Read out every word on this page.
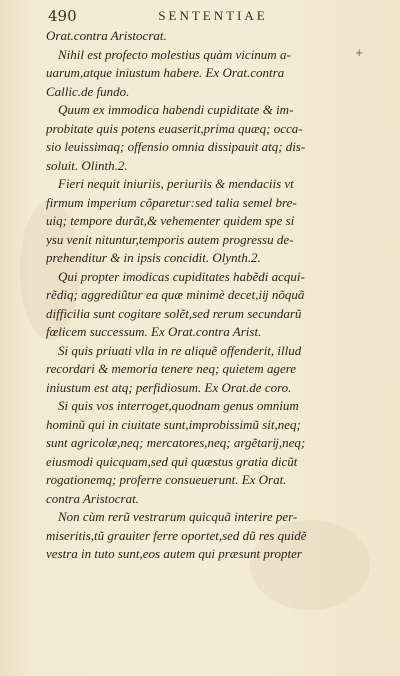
490	SENTENTIAE
+
Orat.contra Aristocrat.
Nihil est profecto molestius quàm vicinum a-
uarum,atque iniustum habere. Ex Orat.contra
Callic.de fundo.
Quum ex immodica habendi cupiditate & im-
probitate quis potens euaserit,prima quæq; occa-
sio leuissimaq; offensio omnia dissipauit atq; dis-
soluit. Olinth.2.
Fieri nequit iniuriis, periuriis & mendaciis vt
firmum imperium cõparetur:sed talia semel bre-
uiq; tempore durãt,& vehementer quidem spe si
ysu venit nituntur,temporis autem progressu de-
prehenditur & in ipsis concidit. Olynth.2.
Qui propter imodicas cupiditates habẽdi acqui-
rẽdiq; aggrediũtur ea quæ minimè decet,iĳ nõquã
difficilia sunt cogitare solẽt,sed rerum secundarũ
fœlicem successum. Ex Orat.contra Arist.
Si quis priuati vlla in re aliquẽ offenderit, illud
recordari & memoria tenere neq; quietem agere
iniustum est atq; perfidiosum. Ex Orat.de coro.
Si quis vos interroget,quodnam genus omnium
hominũ qui in ciuitate sunt,improbissimũ sit,neq;
sunt agricolæ,neq; mercatores,neq; argẽtarĳ,neq;
eiusmodi quicquam,sed qui quæstus gratia dicũt
rogationemq; proferre consueuerunt. Ex Orat.
contra Aristocrat.
Non cùm rerũ vestrarum quicquã interire per-
miseritis,tũ grauiter ferre oportet,sed dũ res quidẽ
vestra in tuto sunt,eos autem qui præsunt propter
